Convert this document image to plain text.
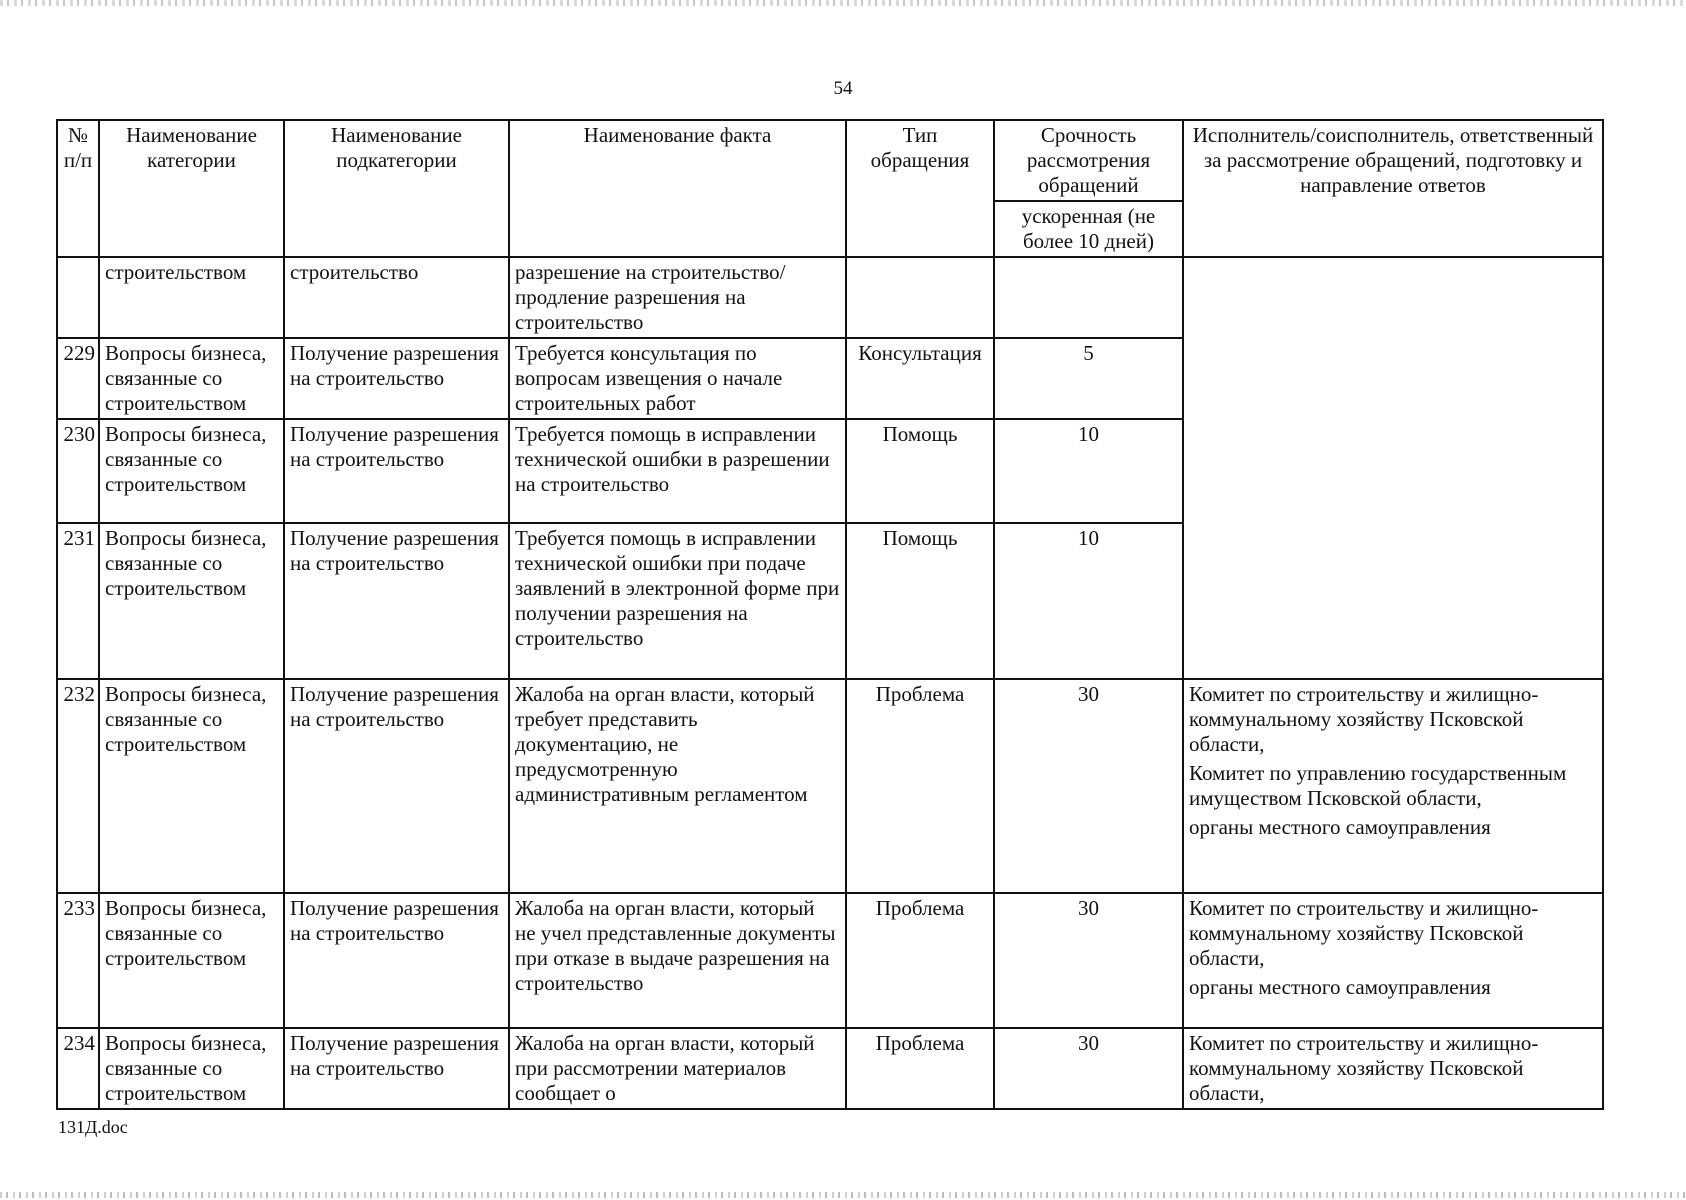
54
№ п/п	Наименование категории	Наименование подкатегории	Наименование факта	Тип обращения	Срочность рассмотрения обращений	Исполнитель/соисполнитель, ответственный за рассмотрение обращений, подготовку и направление ответов
					ускоренная (не более 10 дней)	
	строительством	строительство	разрешение на строительство/продление разрешения на строительство			
229	Вопросы бизнеса, связанные со строительством	Получение разрешения на строительство	Требуется консультация по вопросам извещения о начале строительных работ	Консультация	5	
230	Вопросы бизнеса, связанные со строительством	Получение разрешения на строительство	Требуется помощь в исправлении технической ошибки в разрешении на строительство	Помощь	10	
231	Вопросы бизнеса, связанные со строительством	Получение разрешения на строительство	Требуется помощь в исправлении технической ошибки при подаче заявлений в электронной форме при получении разрешения на строительство	Помощь	10	
232	Вопросы бизнеса, связанные со строительством	Получение разрешения на строительство	Жалоба на орган власти, который требует представить документацию, не предусмотренную административным регламентом	Проблема	30	Комитет по строительству и жилищно-коммунальному хозяйству Псковской области,
Комитет по управлению государственным имуществом Псковской области,
органы местного самоуправления

233	Вопросы бизнеса, связанные со строительством	Получение разрешения на строительство	Жалоба на орган власти, который не учел представленные документы при отказе в выдаче разрешения на строительство	Проблема	30	Комитет по строительству и жилищно-коммунальному хозяйству Псковской области,
органы местного самоуправления

234	Вопросы бизнеса, связанные со строительством	Получение разрешения на строительство	Жалоба на орган власти, который при рассмотрении материалов сообщает о	Проблема	30	Комитет по строительству и жилищно-коммунальному хозяйству Псковской области,
131Д.doc
